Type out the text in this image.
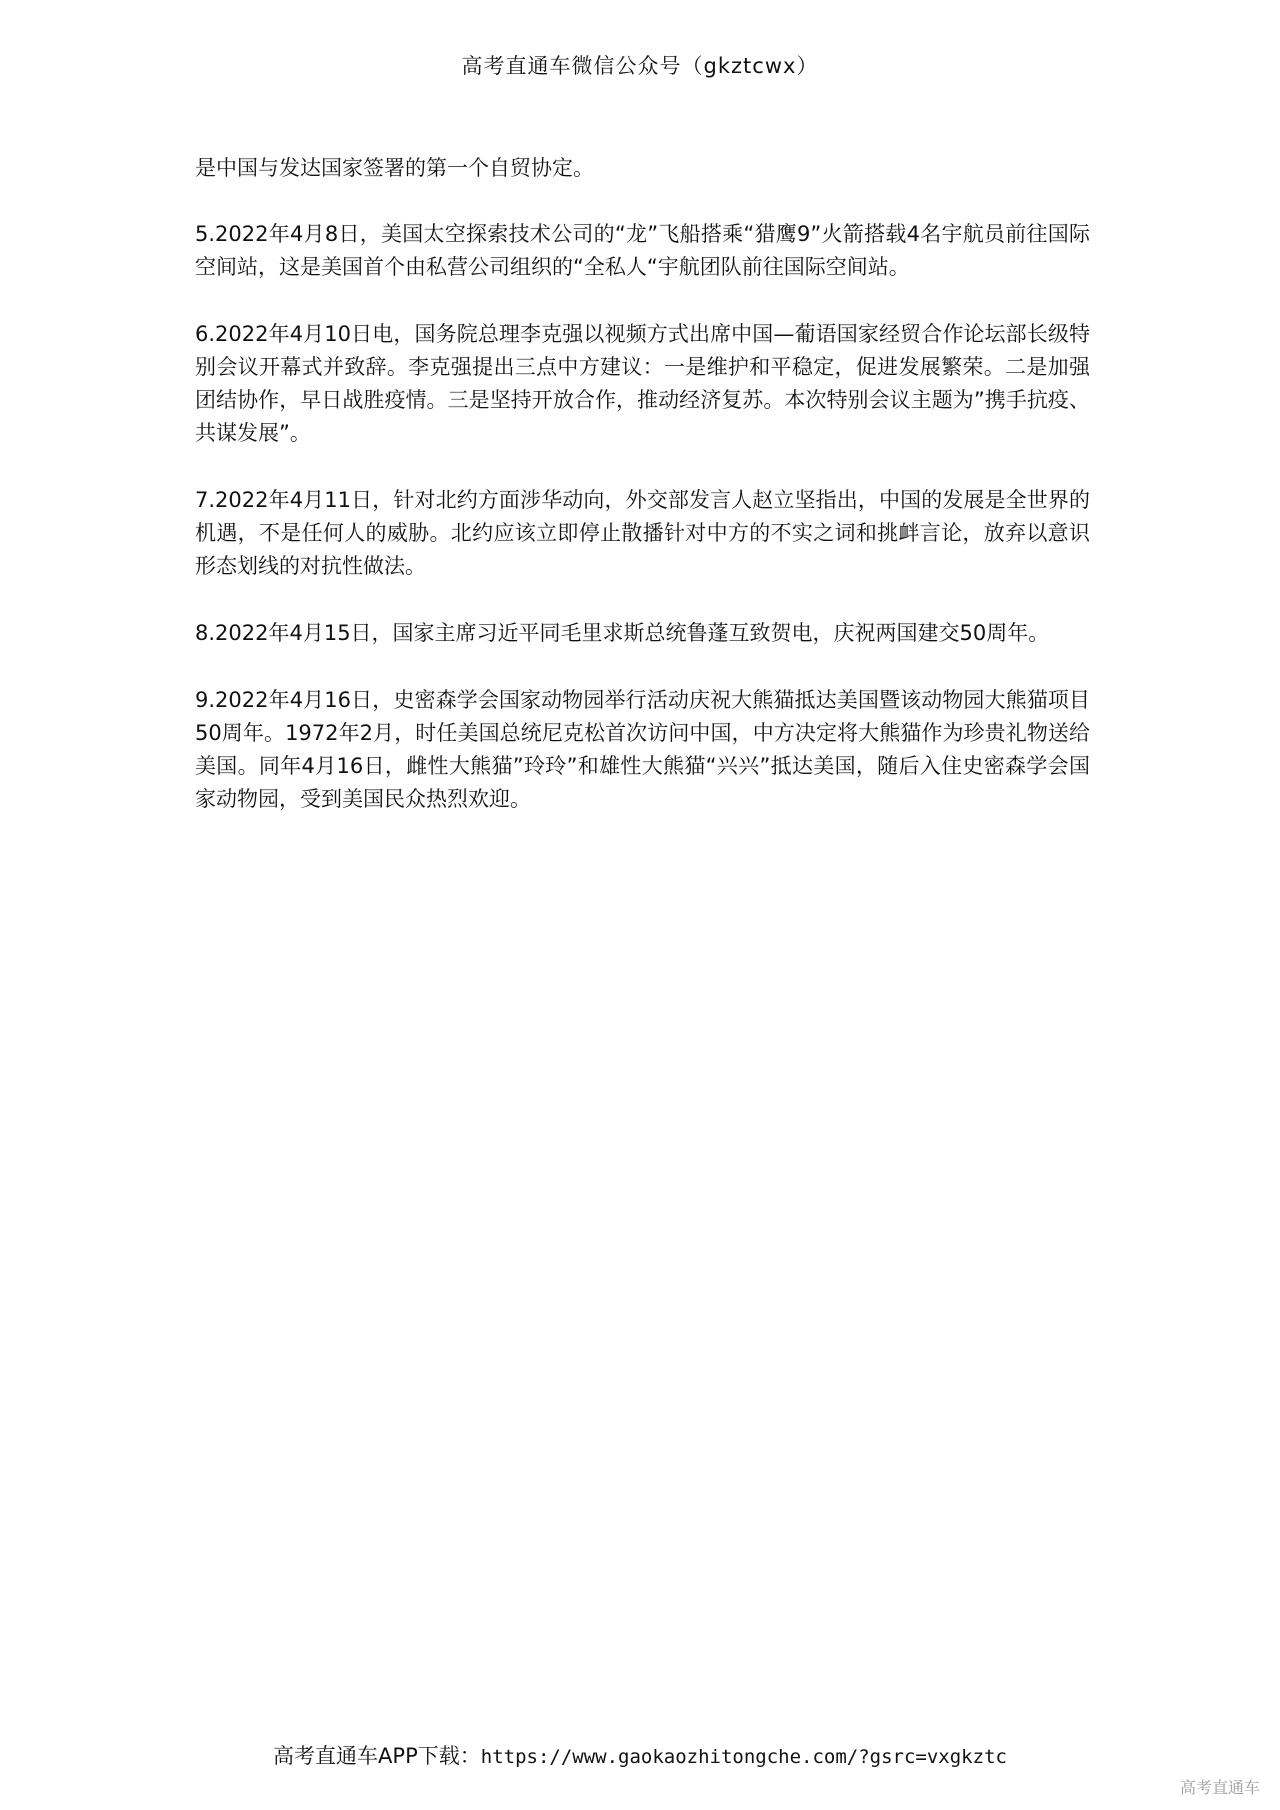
高考直通车微信公众号（gkztcwx）

是中国与发达国家签署的第一个自贸协定。

5.2022年4月8日，美国太空探索技术公司的“龙”飞船搭乘“猎鹰9”火箭搭载4名宇航员前往国际空间站，这是美国首个由私营公司组织的“全私人“宇航团队前往国际空间站。

6.2022年4月10日电，国务院总理李克强以视频方式出席中国—葡语国家经贸合作论坛部长级特别会议开幕式并致辞。李克强提出三点中方建议：一是维护和平稳定，促进发展繁荣。二是加强团结协作，早日战胜疫情。三是坚持开放合作，推动经济复苏。本次特别会议主题为”携手抗疫、共谋发展”。

7.2022年4月11日，针对北约方面涉华动向，外交部发言人赵立坚指出，中国的发展是全世界的机遇，不是任何人的威胁。北约应该立即停止散播针对中方的不实之词和挑衅言论，放弃以意识形态划线的对抗性做法。

8.2022年4月15日，国家主席习近平同毛里求斯总统鲁蓬互致贺电，庆祝两国建交50周年。

9.2022年4月16日，史密森学会国家动物园举行活动庆祝大熊猫抵达美国暨该动物园大熊猫项目50周年。1972年2月，时任美国总统尼克松首次访问中国，中方决定将大熊猫作为珍贵礼物送给美国。同年4月16日，雌性大熊猫”玲玲”和雄性大熊猫“兴兴”抵达美国，随后入住史密森学会国家动物园，受到美国民众热烈欢迎。

高考直通车APP下载：https://www.gaokaozhitongche.com/?gsrc=vxgkztc
高考直通车
